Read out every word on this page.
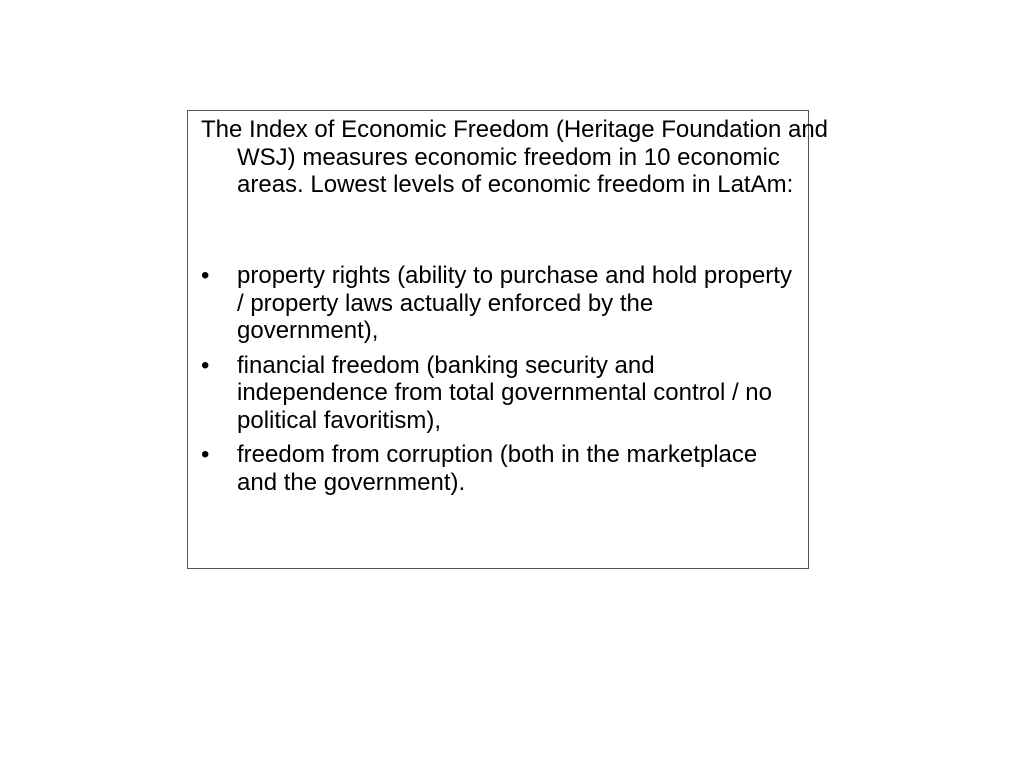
The Index of Economic Freedom (Heritage Foundation and WSJ) measures economic freedom in 10 economic areas. Lowest levels of economic freedom in LatAm:

•	property rights (ability to purchase and hold property / property laws actually enforced by the government),
•	financial freedom (banking security and independence from total governmental control / no political favoritism),
•	freedom from corruption (both in the marketplace and the government).
